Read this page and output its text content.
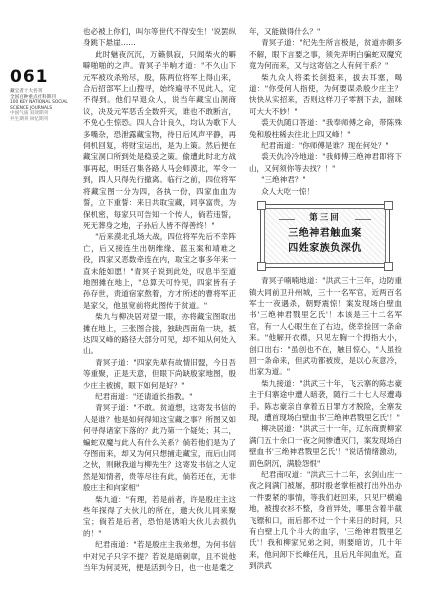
061
藏宝者十大名刊
全国百种重点社科期刊
100 KEY NATIONAL SOCIAL
SCIENCE JOURNALS
中国气质 双效期刊
共生期刊 回忆期刊

也必被上你们，叫尔等世代不得安生！'说罢纵身跳下悬崖……

此时魅夜沉沉，万籁俱寂，只闻柴火的噼噼啪啪的之声。青冥子半晌才道："不久山下元军被攻杀殆尽，殷，陈两位将军上得山来，合后招部军上山搜寻，始终遍寻不见此人，定不得到。他们早退众人，说当年藏宝山洞商议，决及元军恶舌全数歼灭，谁也不敢断言，不免心生惊恐。四人合计良久，均认为歌下人多嘴杂，恐泄露藏宝物，待日后风声平静，再伺机回复，将财宝运出，是为上策。然后便在藏宝洞口所到处是稳妥之策。偷遭此时北方战事再起，明廷召集各路人马会师漠北，军令一到，四人只得先行撤离。临行之前，四位将军将藏宝图一分为四，各执一份，四家血血为誓，立下重誓：来日共取宝藏，同享富贵，为保机密，每家只可告知一个传人，倘若违誓，死无葬身之地，子孙后人皆不得善终！"

"后来漠北孔场大战，四位将军先后不幸阵亡，后又接连生出朝维缘、蓝玉案和靖难之役，四家又恶数牵连在内，取宝之事多年来一直未能如愿！"青冥子说到此处，叹息半至道地图摊在地上，"总算天可怜见，四家皆有子孙存世，责道宿家熬着，方才所述的曹将军正是家父，他虽宽前将此图传于贫道。"

柴九与柳决居对望一眼，亦将藏宝图取出摊在地上，三张图合拢，独缺西南角一块，抵达四又峰的路径大部分可见，却不知从何处入山。

青冥子道："四家先辈有故情旧盟，今日吾等重聚，正是天意，但眼下尚缺殷家地图，殷少庄主被掳，眼下如何是好？"

纪君南道："还请道长指教。"

青冥子道："不敢。贫道想，这寄发书信的人是谁？他是如何得知这宝藏之事？所图又如何寻得诸家下落的？此乃第一个疑处；其二，蝙蛇双魔与此人有什么关系？倘若他们是为了夺图而来，却又为何只想捕走藏宝，而后山同之伙，则瞅我道与柳先生？这寄发书信之人定然是知情者，贵等尽往有此，倘若还在，无非殷庄主和向家相"

柴九道："有理，若是前者，许是殷庄主这些年探得了大伙儿的所在，邀大伙儿同来聚宝；倘若是后者，恐怕是诱咱大伙儿去损仇的！"

纪君南道："若是殷庄主我弟想，为何书信中对兄子只字不提？若说是暗刺章，且不说他当年为何灵死，便是活到今日，也一也是耄之

年，又能做得什么？"

青冥子道："纪先生所言极是，贫道亦颇多不解，眼下言要之事，须先弄明白骗蛇双魔究竟为何而来，又与这寄信之人有何干系？"

柴九众人将柔长剑挺来，拔去耳塞，喝道："你受何人指使，为何要谋杀殷少庄主？快快从实招来，否则这样刀子零割下去，溜咪可大大不妙！"

裘天仇随口答道："我奉师傅之命，带陈殊兔和殷柱稀去往北上四又峰！"

纪君南道："你师傅是谁？现在何处？"

裘天仇冷冷地道："我师傅三绝神君即将下山，又何须你等去找？！"

"三绝神君？"

众人大吃一惊！

第三回
三绝神君触血案
四姓家族负深仇

青冥子喃喃地道："洪武三十三年，边防重镇大同前卫升州城，三十一名军官，近两百名军士一夜遇杀，朝野震惊！案发现场白壁血书'三绝神君戮里乞氏'！本该是三十二名军官，有一人心眼生在了右边，侥幸捡回一条命来。"他解开衣襟，只见左胸一个拇指大小，创口出右："虽创也不在，触目惊心，"人虽捡回一条命来，但武功都被废，是以心灰意冷，出家为道。"

柴九接道："洪武三十年，飞云寨的陈志豪主于归寨途中遭人暗袭，随行二十七人尽遭毒手。陈志豪亲自拿着五日罪方才脱险，全寨发现，遭首现场白壁血书'三绝神君戮里乞氏'！"

柳决居道："洪武三十一年，辽东商贾柳家满门五十余口一夜之间惨遭灭门，案发现场白壁血书'三绝神君戮里乞氏'！"说话情绪激动，面色阴沉，满脸怨恨"

纪君南叹道："洪武三十二年，玄剑山庄一夜之间满门被屠，那时殷老掌柜被打出外出办一件要紧的事情，等我们赶回来，只见尸横遍地，被搜衣衫不整，身首异处，哪里含着半截飞镖和口，而后都不过一个十来日的时间，只有白壁上几个斗大的血字，'三绝神君戮里乞氏'！我和柳家兄弟之间，则要暗访，几十年来，他问卸下长峰任凡，且后凡年间血光，直到洪武
